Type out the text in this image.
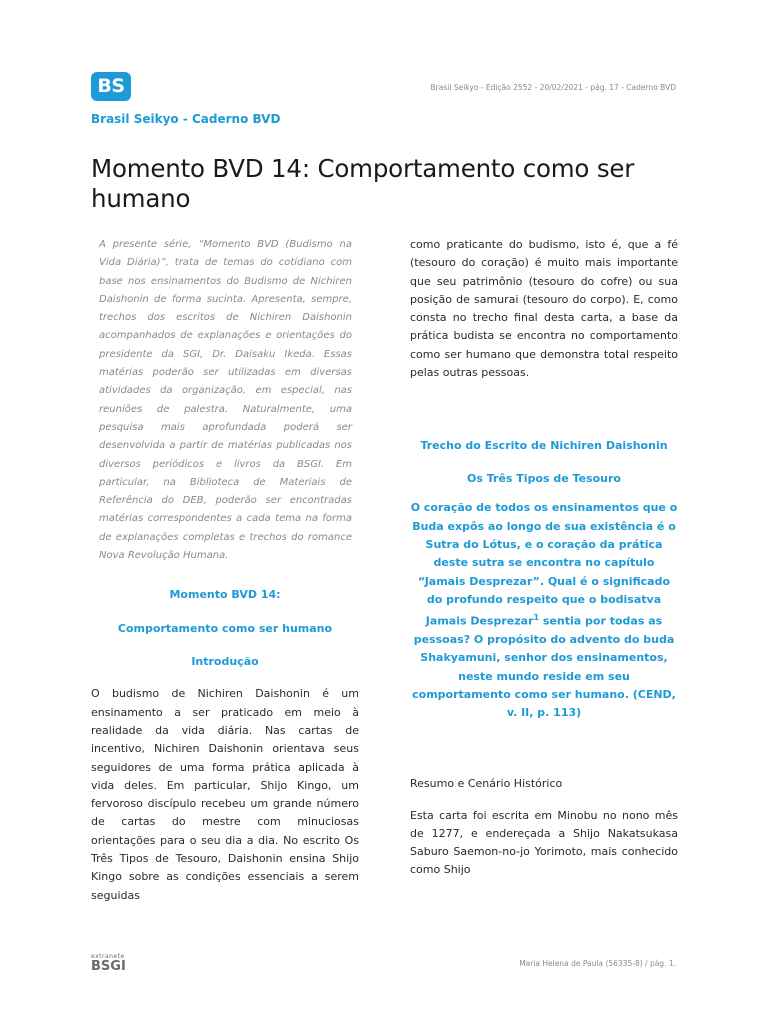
BS	Brasil Seikyo - Edição 2552 - 20/02/2021 - pág. 17 - Caderno BVD
Brasil Seikyo - Caderno BVD
Momento BVD 14: Comportamento como ser humano

A presente série, “Momento BVD (Budismo na Vida Diária)”, trata de temas do cotidiano com base nos ensinamentos do Budismo de Nichiren Daishonin de forma sucinta. Apresenta, sempre, trechos dos escritos de Nichiren Daishonin acompanhados de explanações e orientações do presidente da SGI, Dr. Daisaku Ikeda. Essas matérias poderão ser utilizadas em diversas atividades da organização, em especial, nas reuniões de palestra. Naturalmente, uma pesquisa mais aprofundada poderá ser desenvolvida a partir de matérias publicadas nos diversos periódicos e livros da BSGI. Em particular, na Biblioteca de Materiais de Referência do DEB, poderão ser encontradas matérias correspondentes a cada tema na forma de explanações completas e trechos do romance Nova Revolução Humana.

Momento BVD 14:

Comportamento como ser humano

Introdução

O budismo de Nichiren Daishonin é um ensinamento a ser praticado em meio à realidade da vida diária. Nas cartas de incentivo, Nichiren Daishonin orientava seus seguidores de uma forma prática aplicada à vida deles. Em particular, Shijo Kingo, um fervoroso discípulo recebeu um grande número de cartas do mestre com minuciosas orientações para o seu dia a dia. No escrito Os Três Tipos de Tesouro, Daishonin ensina Shijo Kingo sobre as condições essenciais a serem seguidas

como praticante do budismo, isto é, que a fé (tesouro do coração) é muito mais importante que seu patrimônio (tesouro do cofre) ou sua posição de samurai (tesouro do corpo). E, como consta no trecho final desta carta, a base da prática budista se encontra no comportamento como ser humano que demonstra total respeito pelas outras pessoas.

Trecho do Escrito de Nichiren Daishonin

Os Três Tipos de Tesouro

O coração de todos os ensinamentos que o Buda expôs ao longo de sua existência é o Sutra do Lótus, e o coração da prática deste sutra se encontra no capítulo “Jamais Desprezar”. Qual é o significado do profundo respeito que o bodisatva Jamais Desprezar$^1$ sentia por todas as pessoas? O propósito do advento do buda Shakyamuni, senhor dos ensinamentos, neste mundo reside em seu comportamento como ser humano. (CEND, v. II, p. 113)

Resumo e Cenário Histórico

Esta carta foi escrita em Minobu no nono mês de 1277, e endereçada a Shijo Nakatsukasa Saburo Saemon-no-jo Yorimoto, mais conhecido como Shijo

extranete
BSGI	Maria Helena de Paula (56335-8) / pág. 1.
